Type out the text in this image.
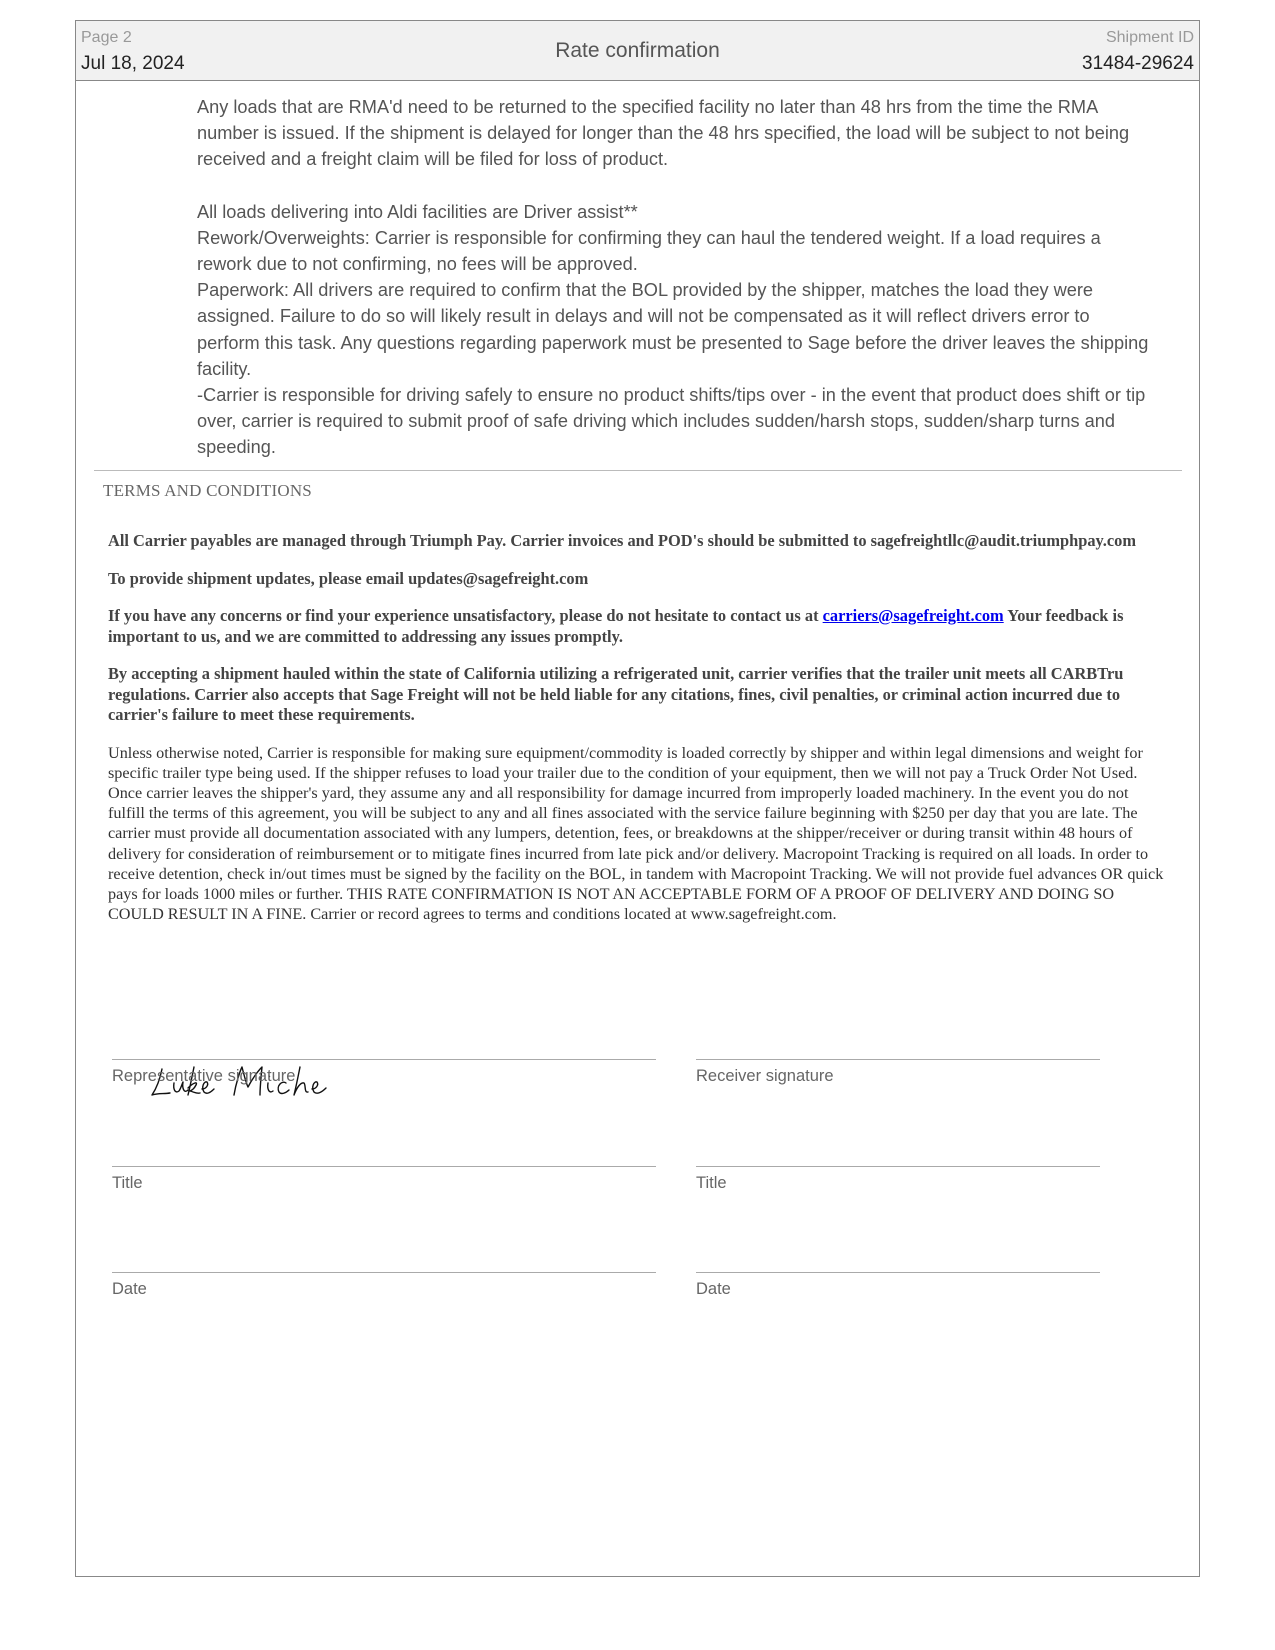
Page 2
Jul 18, 2024
Rate confirmation
Shipment ID
31484-29624

Any loads that are RMA'd need to be returned to the specified facility no later than 48 hrs from the time the RMA number is issued. If the shipment is delayed for longer than the 48 hrs specified, the load will be subject to not being received and a freight claim will be filed for loss of product.

All loads delivering into Aldi facilities are Driver assist**

Rework/Overweights: Carrier is responsible for confirming they can haul the tendered weight. If a load requires a rework due to not confirming, no fees will be approved.

Paperwork: All drivers are required to confirm that the BOL provided by the shipper, matches the load they were assigned. Failure to do so will likely result in delays and will not be compensated as it will reflect drivers error to perform this task. Any questions regarding paperwork must be presented to Sage before the driver leaves the shipping facility.

-Carrier is responsible for driving safely to ensure no product shifts/tips over - in the event that product does shift or tip over, carrier is required to submit proof of safe driving which includes sudden/harsh stops, sudden/sharp turns and speeding.

TERMS AND CONDITIONS

All Carrier payables are managed through Triumph Pay. Carrier invoices and POD's should be submitted to sagefreightllc@audit.triumphpay.com

To provide shipment updates, please email updates@sagefreight.com

If you have any concerns or find your experience unsatisfactory, please do not hesitate to contact us at carriers@sagefreight.com Your feedback is important to us, and we are committed to addressing any issues promptly.

By accepting a shipment hauled within the state of California utilizing a refrigerated unit, carrier verifies that the trailer unit meets all CARBTru regulations. Carrier also accepts that Sage Freight will not be held liable for any citations, fines, civil penalties, or criminal action incurred due to carrier's failure to meet these requirements.

Unless otherwise noted, Carrier is responsible for making sure equipment/commodity is loaded correctly by shipper and within legal dimensions and weight for specific trailer type being used. If the shipper refuses to load your trailer due to the condition of your equipment, then we will not pay a Truck Order Not Used. Once carrier leaves the shipper's yard, they assume any and all responsibility for damage incurred from improperly loaded machinery. In the event you do not fulfill the terms of this agreement, you will be subject to any and all fines associated with the service failure beginning with $250 per day that you are late. The carrier must provide all documentation associated with any lumpers, detention, fees, or breakdowns at the shipper/receiver or during transit within 48 hours of delivery for consideration of reimbursement or to mitigate fines incurred from late pick and/or delivery. Macropoint Tracking is required on all loads. In order to receive detention, check in/out times must be signed by the facility on the BOL, in tandem with Macropoint Tracking. We will not provide fuel advances OR quick pays for loads 1000 miles or further. THIS RATE CONFIRMATION IS NOT AN ACCEPTABLE FORM OF A PROOF OF DELIVERY AND DOING SO COULD RESULT IN A FINE. Carrier or record agrees to terms and conditions located at www.sagefreight.com.

Representative signature	Receiver signature
Title	Title
Date	Date
